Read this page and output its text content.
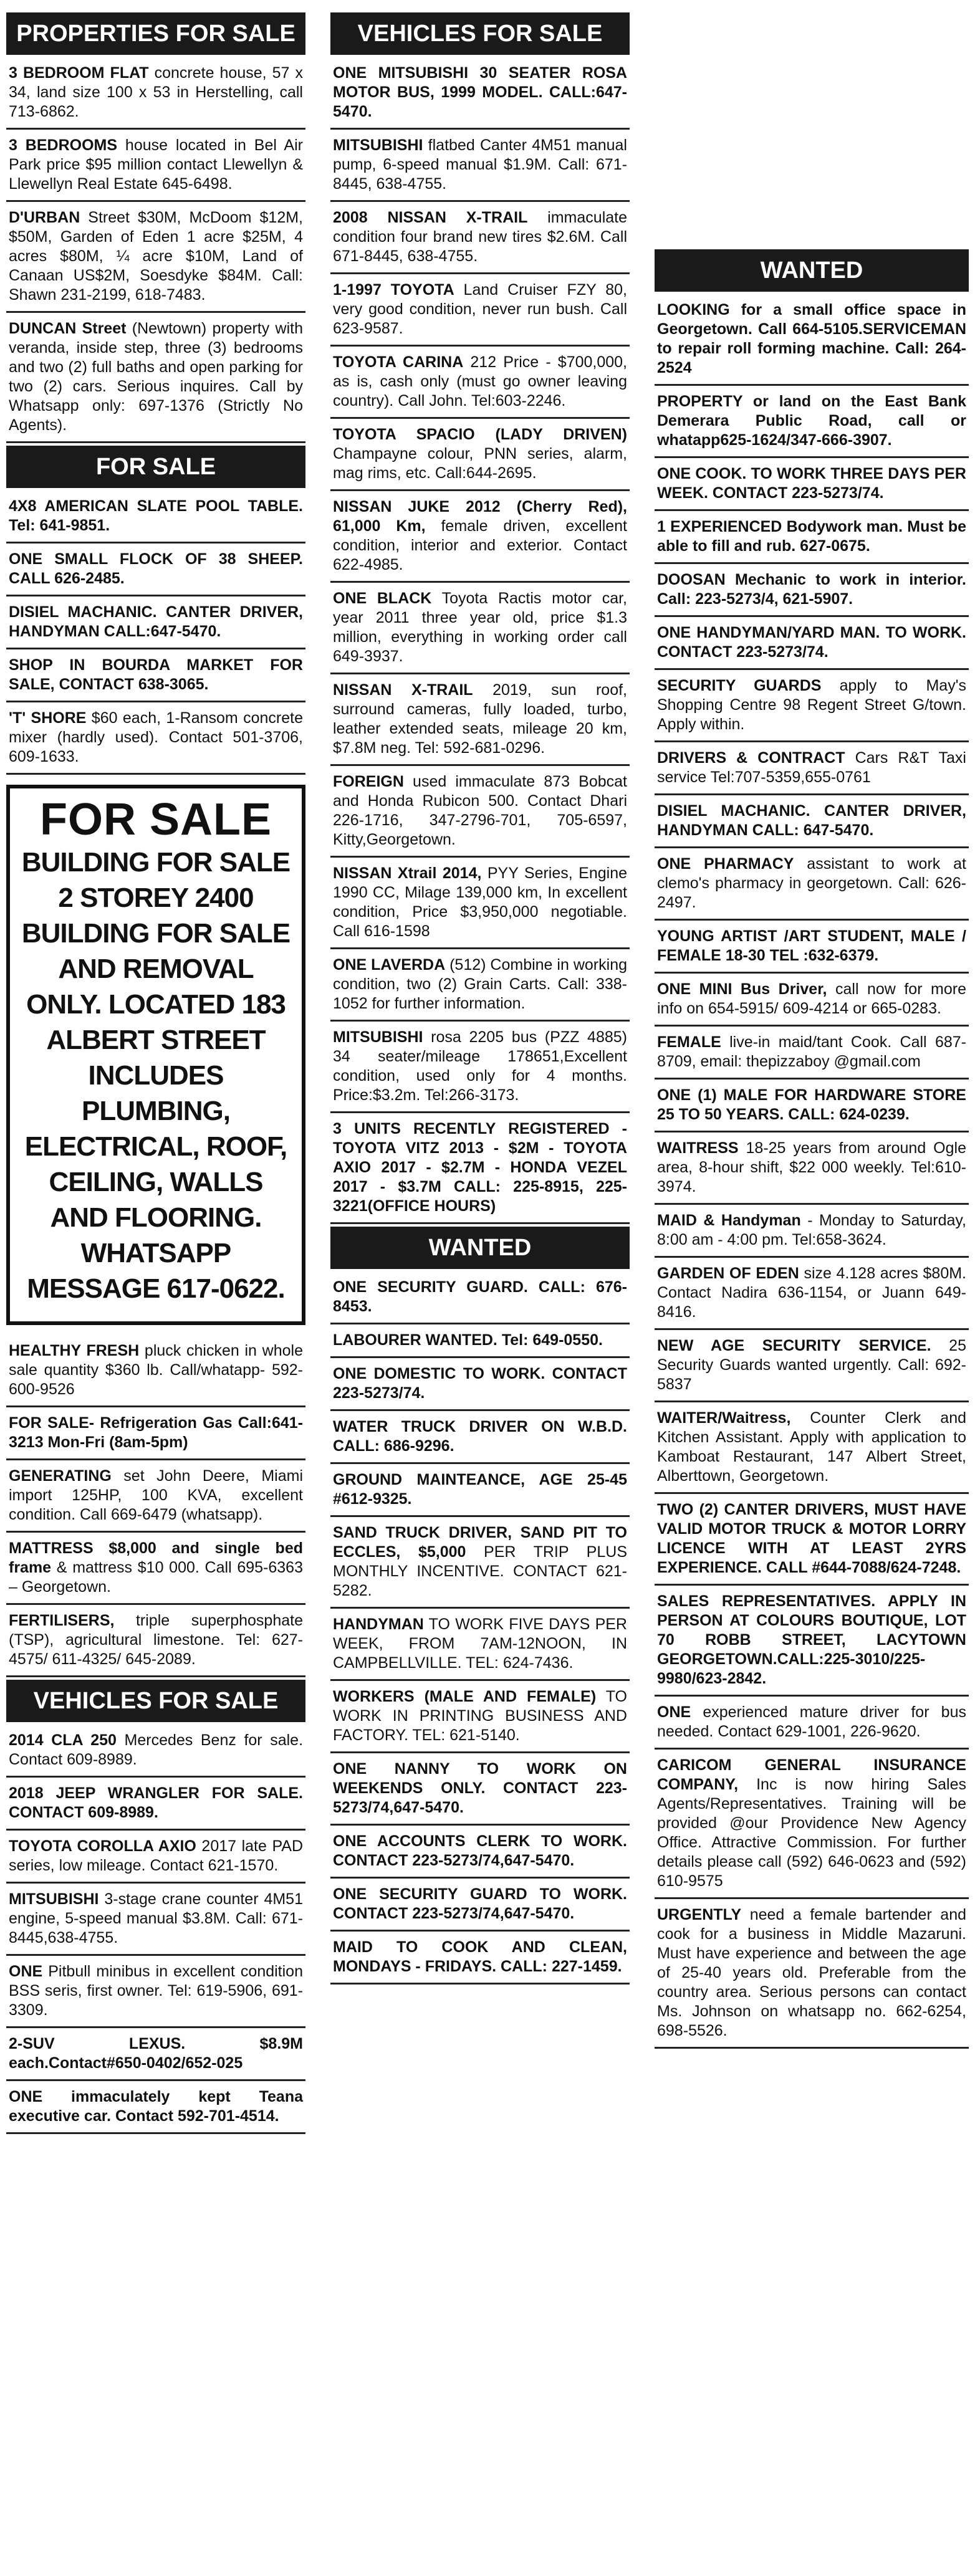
PROPERTIES FOR SALE
3 BEDROOM FLAT concrete house, 57 x 34, land size 100 x 53 in Herstelling, call 713-6862.
3 BEDROOMS house located in Bel Air Park price $95 million contact Llewellyn & Llewellyn Real Estate 645-6498.
D'URBAN Street $30M, McDoom $12M, $50M, Garden of Eden 1 acre $25M, 4 acres $80M, ¼ acre $10M, Land of Canaan US$2M, Soesdyke $84M. Call: Shawn 231-2199, 618-7483.
DUNCAN Street (Newtown) property with veranda, inside step, three (3) bedrooms and two (2) full baths and open parking for two (2) cars. Serious inquires. Call by Whatsapp only: 697-1376 (Strictly No Agents).
FOR SALE
4X8 AMERICAN SLATE POOL TABLE. Tel: 641-9851.
ONE SMALL FLOCK OF 38 SHEEP. CALL 626-2485.
DISIEL MACHANIC. CANTER DRIVER, HANDYMAN CALL:647-5470.
SHOP IN BOURDA MARKET FOR SALE, CONTACT 638-3065.
'T' SHORE $60 each, 1-Ransom concrete mixer (hardly used). Contact 501-3706, 609-1633.
FOR SALE
BUILDING FOR SALE 2 STOREY 2400 BUILDING FOR SALE AND REMOVAL ONLY. LOCATED 183 ALBERT STREET INCLUDES PLUMBING, ELECTRICAL, ROOF, CEILING, WALLS AND FLOORING. WHATSAPP MESSAGE 617-0622.
HEALTHY FRESH pluck chicken in whole sale quantity $360 lb. Call/whatapp- 592-600-9526
FOR SALE- Refrigeration Gas Call:641-3213 Mon-Fri (8am-5pm)
GENERATING set John Deere, Miami import 125HP, 100 KVA, excellent condition. Call 669-6479 (whatsapp).
MATTRESS $8,000 and single bed frame & mattress $10 000. Call 695-6363 – Georgetown.
FERTILISERS, triple superphosphate (TSP), agricultural limestone. Tel: 627-4575/ 611-4325/ 645-2089.
VEHICLES FOR SALE
2014 CLA 250 Mercedes Benz for sale. Contact 609-8989.
2018 JEEP WRANGLER FOR SALE. CONTACT 609-8989.
TOYOTA COROLLA AXIO 2017 late PAD series, low mileage. Contact 621-1570.
MITSUBISHI 3-stage crane counter 4M51 engine, 5-speed manual $3.8M. Call: 671-8445,638-4755.
ONE Pitbull minibus in excellent condition BSS seris, first owner. Tel: 619-5906, 691-3309.
2-SUV LEXUS. $8.9M each.Contact#650-0402/652-025
ONE immaculately kept Teana executive car. Contact 592-701-4514.
VEHICLES FOR SALE
ONE MITSUBISHI 30 SEATER ROSA MOTOR BUS, 1999 MODEL. CALL:647-5470.
MITSUBISHI flatbed Canter 4M51 manual pump, 6-speed manual $1.9M. Call: 671-8445, 638-4755.
2008 NISSAN X-TRAIL immaculate condition four brand new tires $2.6M. Call 671-8445, 638-4755.
1-1997 TOYOTA Land Cruiser FZY 80, very good condition, never run bush. Call 623-9587.
TOYOTA CARINA 212 Price - $700,000, as is, cash only (must go owner leaving country). Call John. Tel:603-2246.
TOYOTA SPACIO (LADY DRIVEN) Champayne colour, PNN series, alarm, mag rims, etc. Call:644-2695.
NISSAN JUKE 2012 (Cherry Red), 61,000 Km, female driven, excellent condition, interior and exterior. Contact 622-4985.
ONE BLACK Toyota Ractis motor car, year 2011 three year old, price $1.3 million, everything in working order call 649-3937.
NISSAN X-TRAIL 2019, sun roof, surround cameras, fully loaded, turbo, leather extended seats, mileage 20 km, $7.8M neg. Tel: 592-681-0296.
FOREIGN used immaculate 873 Bobcat and Honda Rubicon 500. Contact Dhari 226-1716, 347-2796-701, 705-6597, Kitty,Georgetown.
NISSAN Xtrail 2014, PYY Series, Engine 1990 CC, Milage 139,000 km, In excellent condition, Price $3,950,000 negotiable. Call 616-1598
ONE LAVERDA (512) Combine in working condition, two (2) Grain Carts. Call: 338-1052 for further information.
MITSUBISHI rosa 2205 bus (PZZ 4885) 34 seater/mileage 178651,Excellent condition, used only for 4 months. Price:$3.2m. Tel:266-3173.
3 UNITS RECENTLY REGISTERED - TOYOTA VITZ 2013 - $2M - TOYOTA AXIO 2017 - $2.7M - HONDA VEZEL 2017 - $3.7M CALL: 225-8915, 225-3221(OFFICE HOURS)
WANTED
ONE SECURITY GUARD. CALL: 676-8453.
LABOURER WANTED. Tel: 649-0550.
ONE DOMESTIC TO WORK. CONTACT 223-5273/74.
WATER TRUCK DRIVER ON W.B.D. CALL: 686-9296.
GROUND MAINTEANCE, AGE 25-45 #612-9325.
SAND TRUCK DRIVER, SAND PIT TO ECCLES, $5,000 PER TRIP PLUS MONTHLY INCENTIVE. CONTACT 621-5282.
HANDYMAN TO WORK FIVE DAYS PER WEEK, FROM 7AM-12NOON, IN CAMPBELLVILLE. TEL: 624-7436.
WORKERS (MALE AND FEMALE) TO WORK IN PRINTING BUSINESS AND FACTORY. TEL: 621-5140.
ONE NANNY TO WORK ON WEEKENDS ONLY. CONTACT 223-5273/74,647-5470.
ONE ACCOUNTS CLERK TO WORK. CONTACT 223-5273/74,647-5470.
ONE SECURITY GUARD TO WORK. CONTACT 223-5273/74,647-5470.
MAID TO COOK AND CLEAN, MONDAYS - FRIDAYS. CALL: 227-1459.
WANTED
LOOKING for a small office space in Georgetown. Call 664-5105.SERVICEMAN to repair roll forming machine. Call: 264-2524
PROPERTY or land on the East Bank Demerara Public Road, call or whatapp625-1624/347-666-3907.
ONE COOK. TO WORK THREE DAYS PER WEEK. CONTACT 223-5273/74.
1 EXPERIENCED Bodywork man. Must be able to fill and rub. 627-0675.
DOOSAN Mechanic to work in interior. Call: 223-5273/4, 621-5907.
ONE HANDYMAN/YARD MAN. TO WORK. CONTACT 223-5273/74.
SECURITY GUARDS apply to May's Shopping Centre 98 Regent Street G/town. Apply within.
DRIVERS & CONTRACT Cars R&T Taxi service Tel:707-5359,655-0761
DISIEL MACHANIC. CANTER DRIVER, HANDYMAN CALL: 647-5470.
ONE PHARMACY assistant to work at clemo's pharmacy in georgetown. Call: 626-2497.
YOUNG ARTIST /ART STUDENT, MALE / FEMALE 18-30 TEL :632-6379.
ONE MINI Bus Driver, call now for more info on 654-5915/ 609-4214 or 665-0283.
FEMALE live-in maid/tant Cook. Call 687-8709, email: thepizzaboy @gmail.com
ONE (1) MALE FOR HARDWARE STORE 25 TO 50 YEARS. CALL: 624-0239.
WAITRESS 18-25 years from around Ogle area, 8-hour shift, $22 000 weekly. Tel:610-3974.
MAID & Handyman - Monday to Saturday, 8:00 am - 4:00 pm. Tel:658-3624.
GARDEN OF EDEN size 4.128 acres $80M. Contact Nadira 636-1154, or Juann 649-8416.
NEW AGE SECURITY SERVICE. 25 Security Guards wanted urgently. Call: 692-5837
WAITER/Waitress, Counter Clerk and Kitchen Assistant. Apply with application to Kamboat Restaurant, 147 Albert Street, Alberttown, Georgetown.
TWO (2) CANTER DRIVERS, MUST HAVE VALID MOTOR TRUCK & MOTOR LORRY LICENCE WITH AT LEAST 2YRS EXPERIENCE. CALL #644-7088/624-7248.
SALES REPRESENTATIVES. APPLY IN PERSON AT COLOURS BOUTIQUE, LOT 70 ROBB STREET, LACYTOWN GEORGETOWN.CALL:225-3010/225-9980/623-2842.
ONE experienced mature driver for bus needed. Contact 629-1001, 226-9620.
CARICOM GENERAL INSURANCE COMPANY, Inc is now hiring Sales Agents/Representatives. Training will be provided @our Providence New Agency Office. Attractive Commission. For further details please call (592) 646-0623 and (592) 610-9575
URGENTLY need a female bartender and cook for a business in Middle Mazaruni. Must have experience and between the age of 25-40 years old. Preferable from the country area. Serious persons can contact Ms. Johnson on whatsapp no. 662-6254, 698-5526.
